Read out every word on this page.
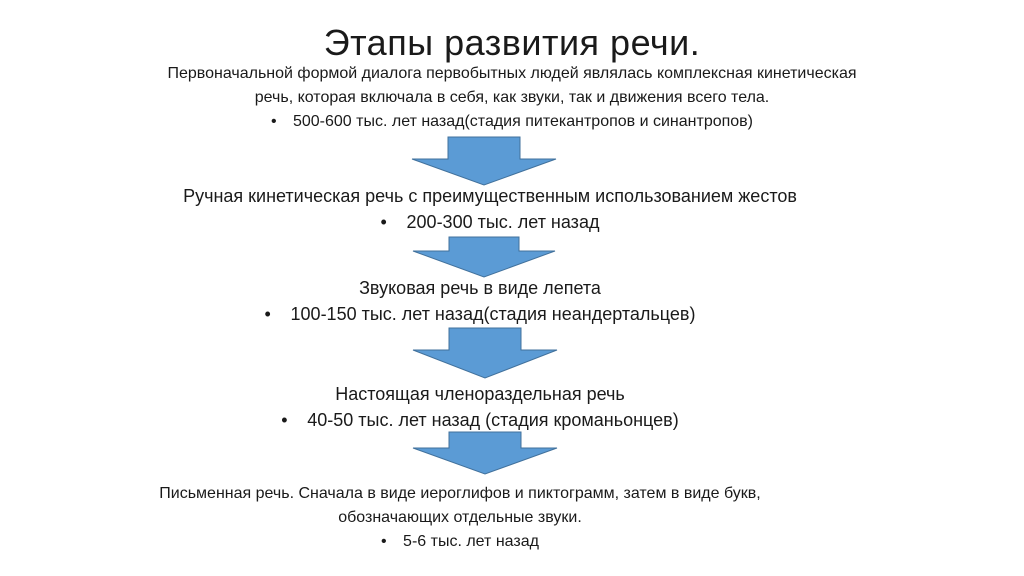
Этапы развития речи.
Первоначальной формой диалога первобытных людей являлась комплексная кинетическая
речь, которая включала в себя, как звуки, так и движения всего тела.
• 500-600 тыс. лет назад(стадия питекантропов и синантропов)
Ручная кинетическая речь с преимущественным использованием жестов
• 200-300 тыс. лет назад
Звуковая речь в виде лепета
• 100-150 тыс. лет назад(стадия неандертальцев)
Настоящая членораздельная речь
• 40-50 тыс. лет назад (стадия кроманьонцев)
Письменная речь. Сначала в виде иероглифов и пиктограмм, затем в виде букв,
обозначающих отдельные звуки.
• 5-6 тыс. лет назад
